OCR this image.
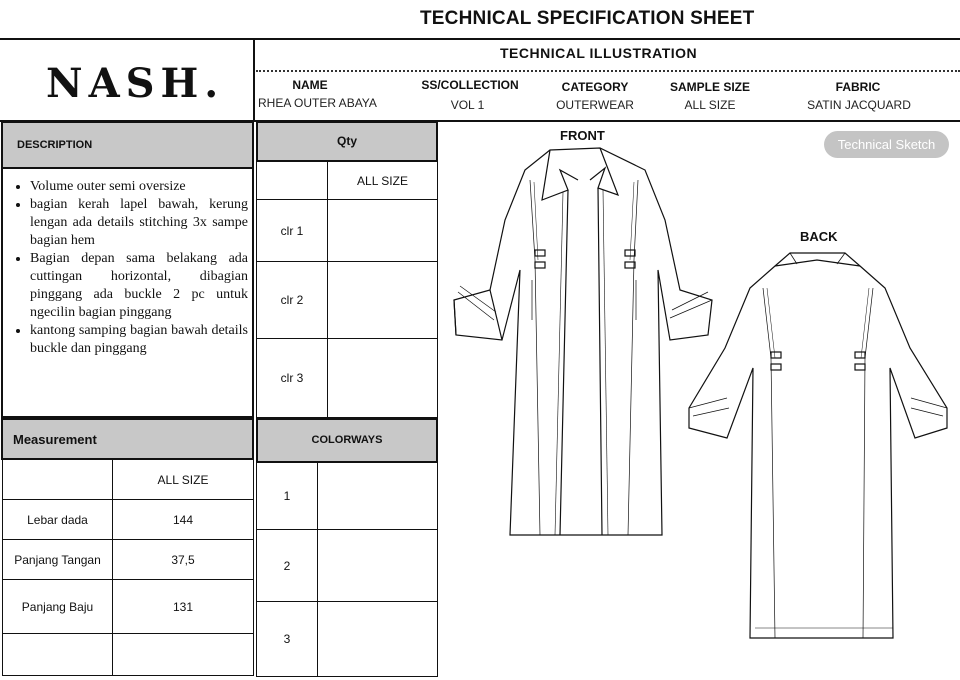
TECHNICAL SPECIFICATION SHEET
NASH.
TECHNICAL ILLUSTRATION
NAME
RHEA OUTER ABAYA
SS/COLLECTION
VOL 1
CATEGORY
OUTERWEAR
SAMPLE SIZE
ALL SIZE
FABRIC
SATIN JACQUARD
DESCRIPTION
• Volume outer semi oversize
• bagian kerah lapel bawah, kerung lengan ada details stitching 3x sampe bagian hem
• Bagian depan sama belakang ada cuttingan horizontal, dibagian pinggang ada buckle 2 pc untuk ngecilin bagian pinggang
• kantong samping bagian bawah details buckle dan pinggang
Qty
ALL SIZE
clr 1
clr 2
clr 3
Measurement
ALL SIZE
Lebar dada	144
Panjang Tangan	37,5
Panjang Baju	131
COLORWAYS
1
2
3
Technical Sketch
FRONT
BACK
